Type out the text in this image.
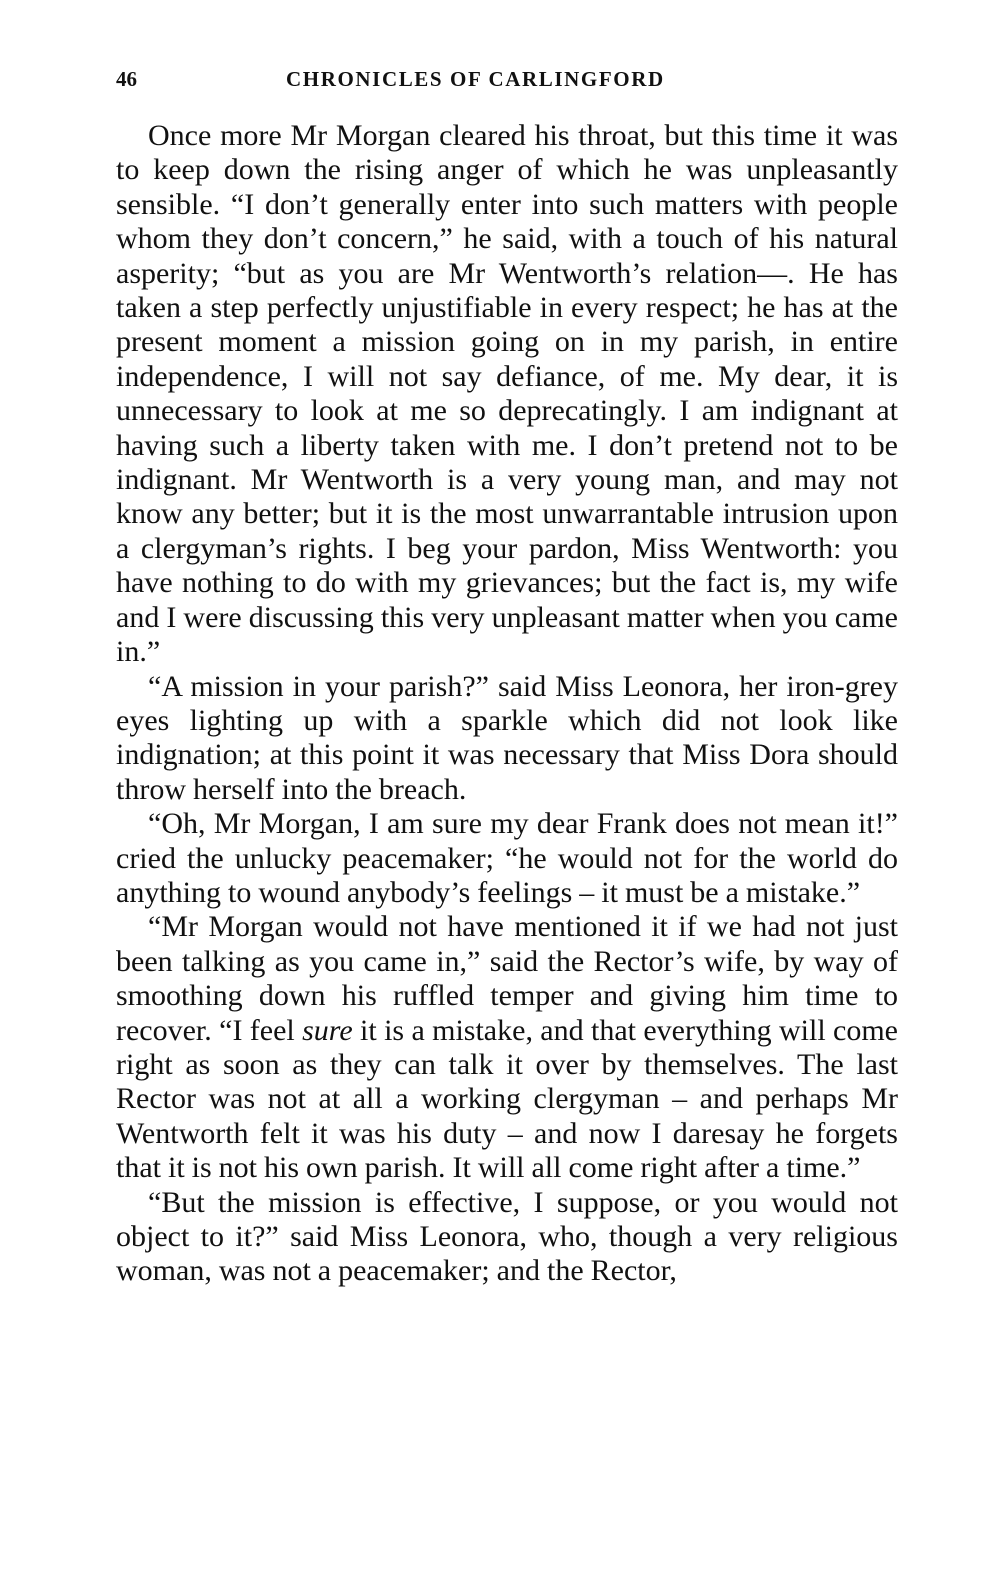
46	CHRONICLES OF CARLINGFORD

Once more Mr Morgan cleared his throat, but this time it was to keep down the rising anger of which he was unpleasantly sensible. “I don’t generally enter into such matters with people whom they don’t concern,” he said, with a touch of his natural asperity; “but as you are Mr Wentworth’s relation—. He has taken a step perfectly unjustifiable in every respect; he has at the present moment a mission going on in my parish, in entire independence, I will not say defiance, of me. My dear, it is unnecessary to look at me so deprecatingly. I am indignant at having such a liberty taken with me. I don’t pretend not to be indignant. Mr Wentworth is a very young man, and may not know any better; but it is the most unwarrantable intrusion upon a clergyman’s rights. I beg your pardon, Miss Wentworth: you have nothing to do with my grievances; but the fact is, my wife and I were discussing this very unpleasant matter when you came in.”

“A mission in your parish?” said Miss Leonora, her iron-grey eyes lighting up with a sparkle which did not look like indignation; at this point it was necessary that Miss Dora should throw herself into the breach.

“Oh, Mr Morgan, I am sure my dear Frank does not mean it!” cried the unlucky peacemaker; “he would not for the world do anything to wound anybody’s feelings – it must be a mistake.”

“Mr Morgan would not have mentioned it if we had not just been talking as you came in,” said the Rector’s wife, by way of smoothing down his ruffled temper and giving him time to recover. “I feel sure it is a mistake, and that everything will come right as soon as they can talk it over by themselves. The last Rector was not at all a working clergyman – and perhaps Mr Wentworth felt it was his duty – and now I daresay he forgets that it is not his own parish. It will all come right after a time.”

“But the mission is effective, I suppose, or you would not object to it?” said Miss Leonora, who, though a very religious woman, was not a peacemaker; and the Rector,
